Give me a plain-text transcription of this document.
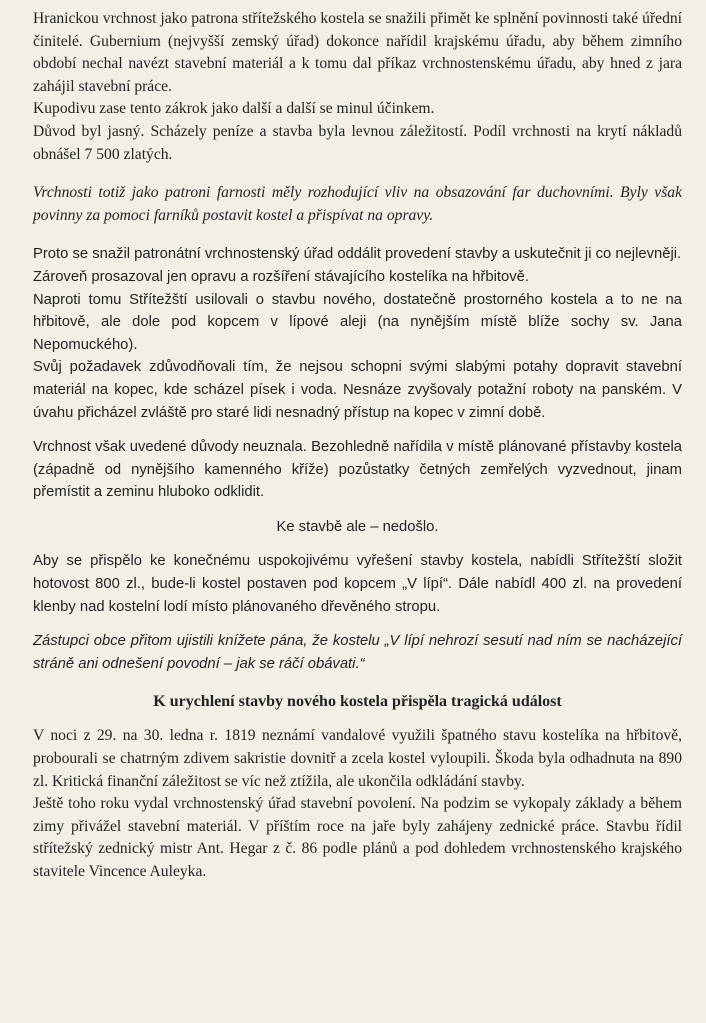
Hranickou vrchnost jako patrona střítežského kostela se snažili přimět ke splnění povinnosti také úřední činitelé. Gubernium (nejvyšší zemský úřad) dokonce nařídil krajskému úřadu, aby během zimního období nechal navézt stavební materiál a k tomu dal příkaz vrchnostenskému úřadu, aby hned z jara zahájil stavební práce.

Kupodivu zase tento zákrok jako další a další se minul účinkem.

Důvod byl jasný. Scházely peníze a stavba byla levnou záležitostí. Podíl vrchnosti na krytí nákladů obnášel 7 500 zlatých.

Vrchnosti totiž jako patroni farnosti měly rozhodující vliv na obsazování far duchovními. Byly však povinny za pomoci farníků postavit kostel a přispívat na opravy.

Proto se snažil patronátní vrchnostenský úřad oddálit provedení stavby a uskutečnit ji co nejlevněji.

Zároveň prosazoval jen opravu a rozšíření stávajícího kostelíka na hřbitově.

Naproti tomu Střítežští usilovali o stavbu nového, dostatečně prostorného kostela a to ne na hřbitově, ale dole pod kopcem v lípové aleji (na nynějším místě blíže sochy sv. Jana Nepomuckého).

Svůj požadavek zdůvodňovali tím, že nejsou schopni svými slabými potahy dopravit stavební materiál na kopec, kde scházel písek i voda. Nesnáze zvyšovaly potažní roboty na panském. V úvahu přicházel zvláště pro staré lidi nesnadný přístup na kopec v zimní době.

Vrchnost však uvedené důvody neuznala. Bezohledně nařídila v místě plánované přístavby kostela (západně od nynějšího kamenného kříže) pozůstatky četných zemřelých vyzvednout, jinam přemístit a zeminu hluboko odklidit.

Ke stavbě ale – nedošlo.

Aby se přispělo ke konečnému uspokojivému vyřešení stavby kostela, nabídli Střítežští složit hotovost 800 zl., bude-li kostel postaven pod kopcem „V lípí“. Dále nabídl 400 zl. na provedení klenby nad kostelní lodí místo plánovaného dřevěného stropu.

Zástupci obce přitom ujistili knížete pána, že kostelu „V lípí nehrozí sesutí nad ním se nacházející stráně ani odnešení povodní – jak se ráčí obávati.“

K urychlení stavby nového kostela přispěla tragická událost

V noci z 29. na 30. ledna r. 1819 neznámí vandalové využili špatného stavu kostelíka na hřbitově, probourali se chatrným zdivem sakristie dovnitř a zcela kostel vyloupili. Škoda byla odhadnuta na 890 zl. Kritická finanční záležitost se víc než ztížila, ale ukončila odkládání stavby.

Ještě toho roku vydal vrchnostenský úřad stavební povolení. Na podzim se vykopaly základy a během zimy přivážel stavební materiál. V příštím roce na jaře byly zahájeny zednické práce. Stavbu řídil střítežský zednický mistr Ant. Hegar z č. 86 podle plánů a pod dohledem vrchnostenského krajského stavitele Vincence Auleyka.
